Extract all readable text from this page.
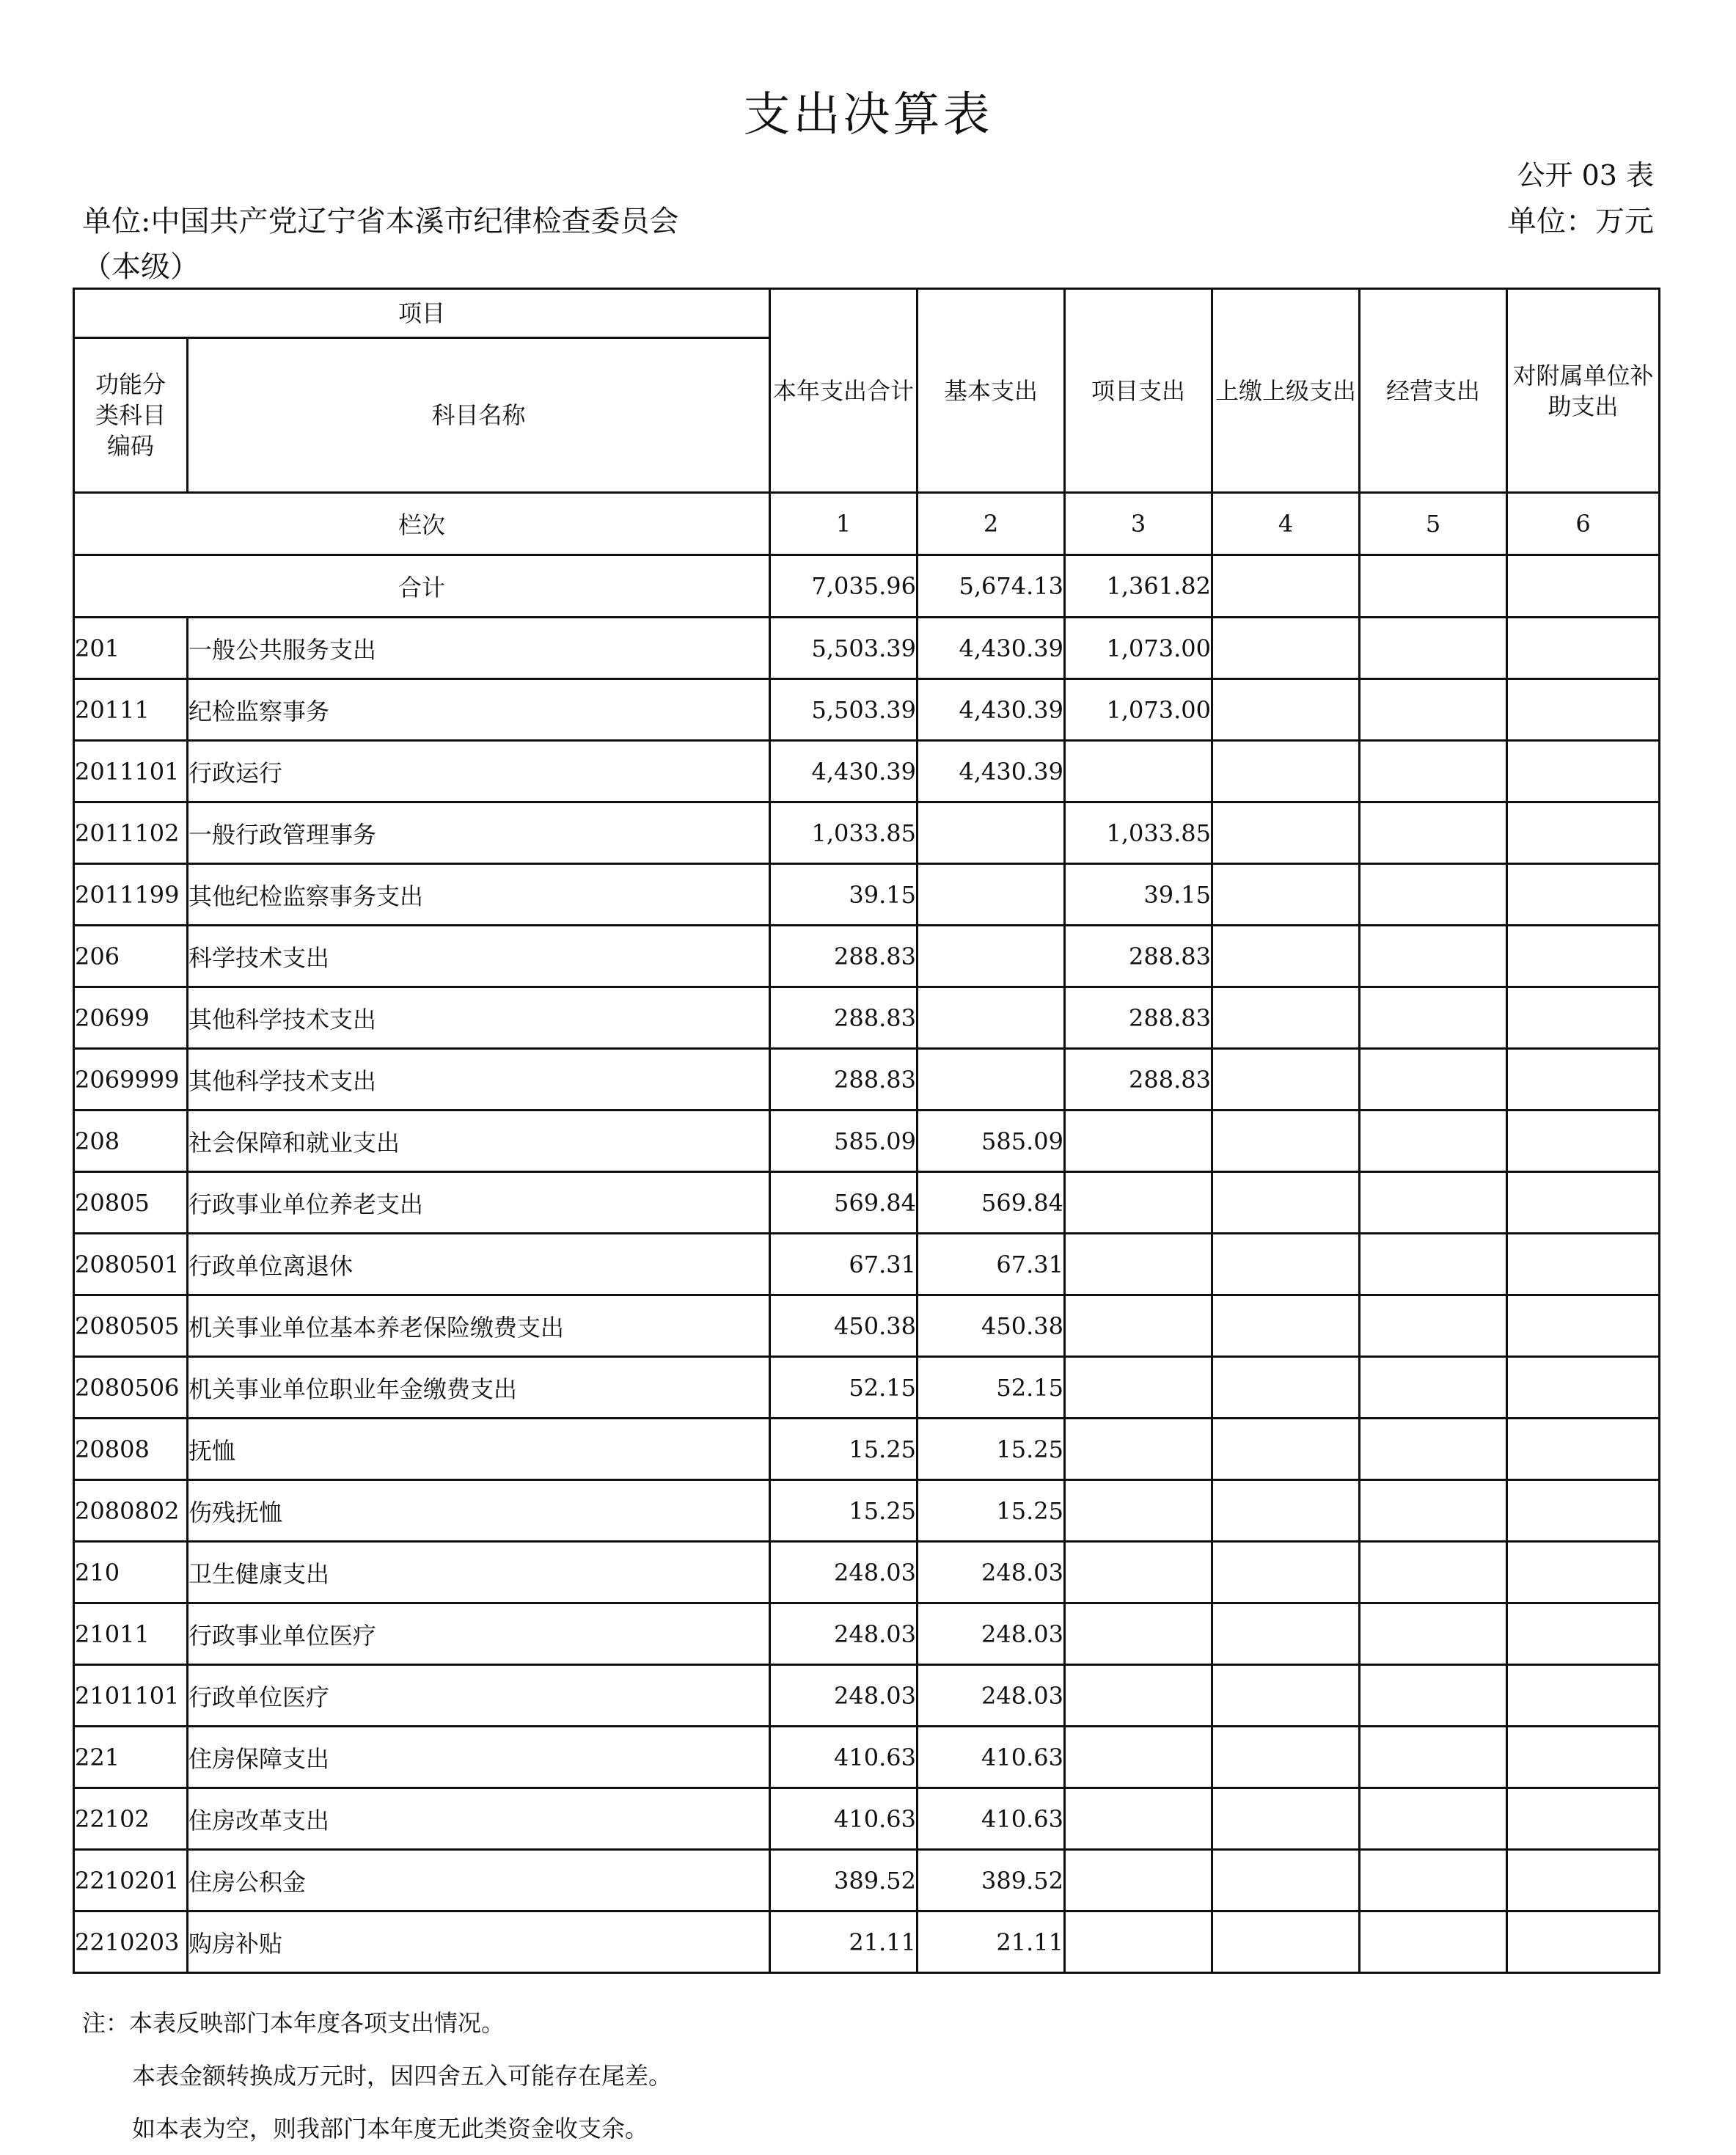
支出决算表
公开 03 表
单位:中国共产党辽宁省本溪市纪律检查委员会	单位：万元
（本级）
项目		本年支出合计	基本支出	项目支出	上缴上级支出	经营支出	对附属单位补助支出
功能分类科目编码	科目名称						
栏次		1	2	3	4	5	6
合计		7,035.96	5,674.13	1,361.82			
201	一般公共服务支出	5,503.39	4,430.39	1,073.00			
20111	纪检监察事务	5,503.39	4,430.39	1,073.00			
2011101	行政运行	4,430.39	4,430.39				
2011102	一般行政管理事务	1,033.85		1,033.85			
2011199	其他纪检监察事务支出	39.15		39.15			
206	科学技术支出	288.83		288.83			
20699	其他科学技术支出	288.83		288.83			
2069999	其他科学技术支出	288.83		288.83			
208	社会保障和就业支出	585.09	585.09				
20805	行政事业单位养老支出	569.84	569.84				
2080501	行政单位离退休	67.31	67.31				
2080505	机关事业单位基本养老保险缴费支出	450.38	450.38				
2080506	机关事业单位职业年金缴费支出	52.15	52.15				
20808	抚恤	15.25	15.25				
2080802	伤残抚恤	15.25	15.25				
210	卫生健康支出	248.03	248.03				
21011	行政事业单位医疗	248.03	248.03				
2101101	行政单位医疗	248.03	248.03				
221	住房保障支出	410.63	410.63				
22102	住房改革支出	410.63	410.63				
2210201	住房公积金	389.52	389.52				
2210203	购房补贴	21.11	21.11				
注：本表反映部门本年度各项支出情况。
本表金额转换成万元时，因四舍五入可能存在尾差。
如本表为空，则我部门本年度无此类资金收支余。
